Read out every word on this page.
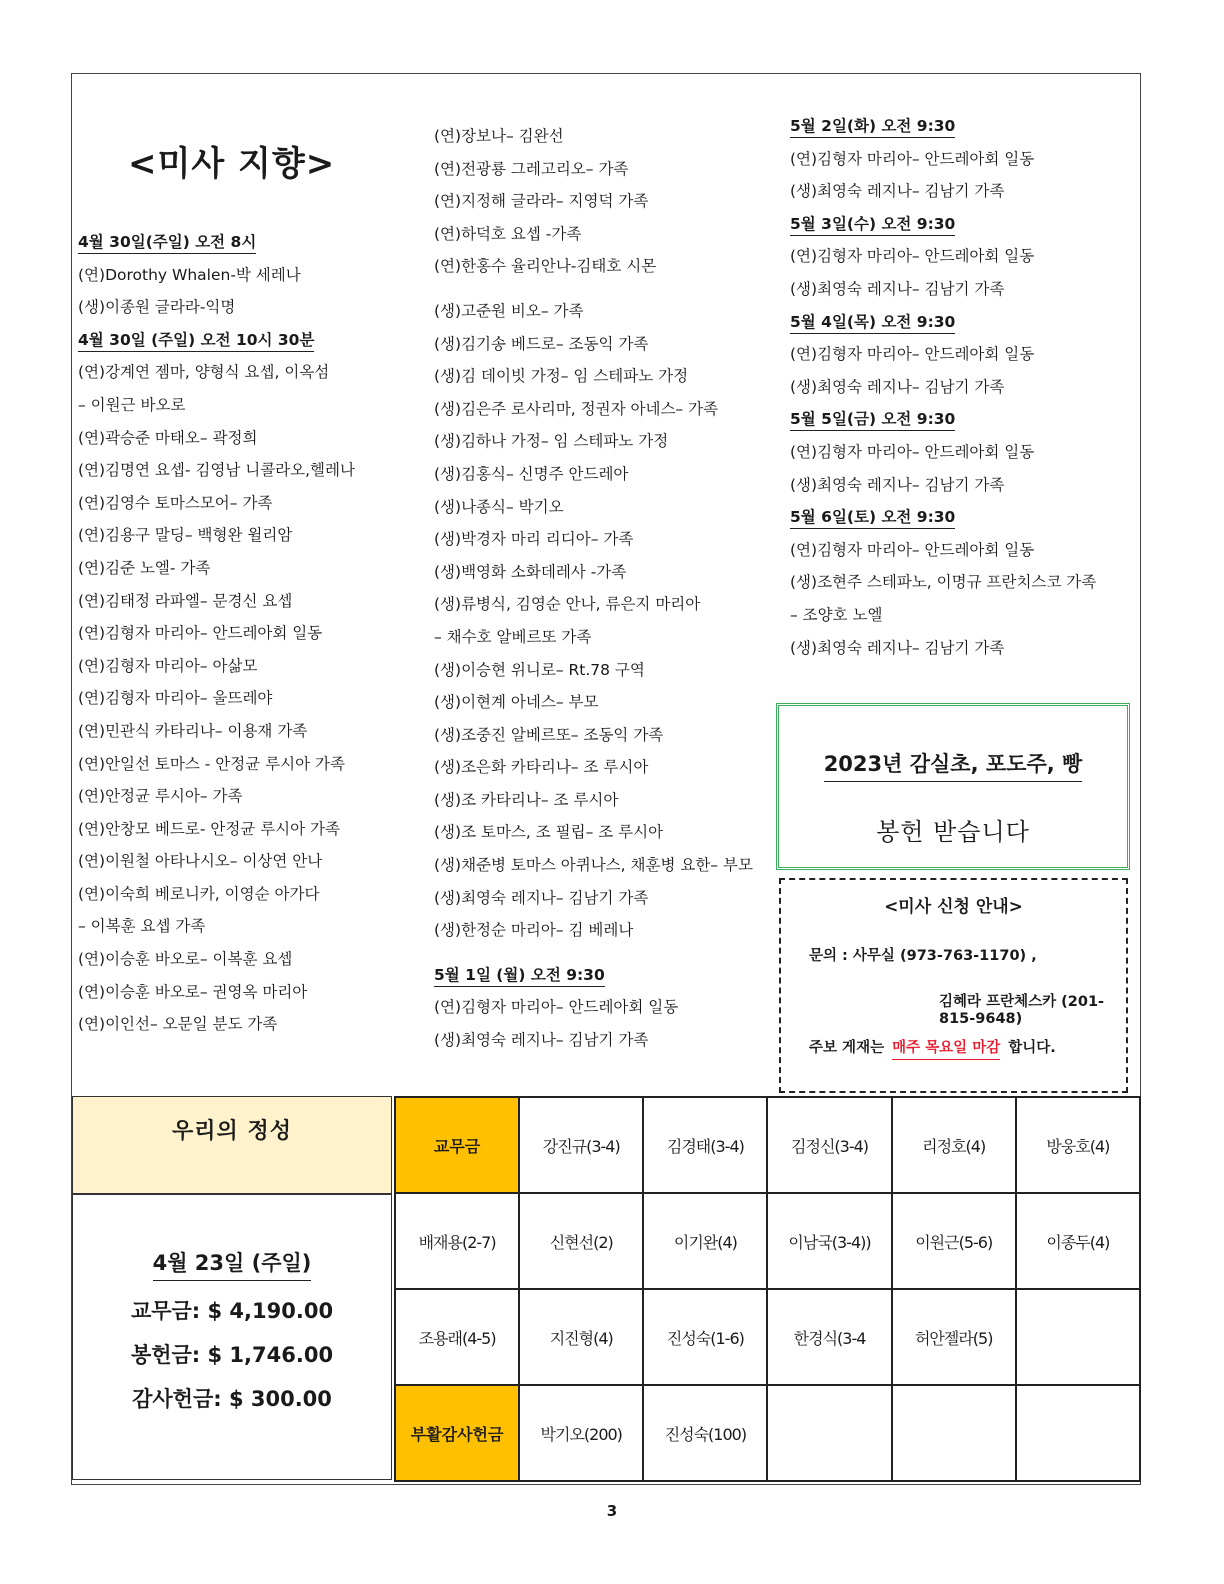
<미사 지향>
4월 30일(주일) 오전 8시
(연)Dorothy Whalen-박 세레나
(생)이종원 글라라-익명
4월 30일 (주일) 오전 10시 30분
(연)강계연 젬마, 양형식 요셉, 이옥섬
– 이원근 바오로
(연)곽승준 마태오– 곽정희
(연)김명연 요셉- 김영남 니콜라오,헬레나
(연)김영수 토마스모어– 가족
(연)김용구 말딩– 백형완 윌리암
(연)김준 노엘- 가족
(연)김태정 라파엘– 문경신 요셉
(연)김형자 마리아– 안드레아회 일동
(연)김형자 마리아– 아삶모
(연)김형자 마리아– 울뜨레야
(연)민관식 카타리나– 이용재 가족
(연)안일선 토마스 - 안정균 루시아 가족
(연)안정균 루시아– 가족
(연)안창모 베드로- 안정균 루시아 가족
(연)이원철 아타나시오– 이상연 안나
(연)이숙희 베로니카, 이영순 아가다
– 이복훈 요셉 가족
(연)이승훈 바오로– 이복훈 요셉
(연)이승훈 바오로– 권영옥 마리아
(연)이인선– 오문일 분도 가족
(연)장보나– 김완선
(연)전광룡 그레고리오– 가족
(연)지정해 글라라– 지영덕 가족
(연)하덕호 요셉 -가족
(연)한홍수 율리안나-김태호 시몬
(생)고준원 비오– 가족
(생)김기송 베드로– 조동익 가족
(생)김 데이빗 가정– 임 스테파노 가정
(생)김은주 로사리마, 정권자 아네스– 가족
(생)김하나 가정– 임 스테파노 가정
(생)김홍식– 신명주 안드레아
(생)나종식– 박기오
(생)박경자 마리 리디아– 가족
(생)백영화 소화데레사 -가족
(생)류병식, 김영순 안나, 류은지 마리아
– 채수호 알베르또 가족
(생)이승현 위니로– Rt.78 구역
(생)이현계 아네스– 부모
(생)조중진 알베르또– 조동익 가족
(생)조은화 카타리나– 조 루시아
(생)조 카타리나– 조 루시아
(생)조 토마스, 조 필립– 조 루시아
(생)채준병 토마스 아퀴나스, 채훈병 요한– 부모
(생)최영숙 레지나– 김남기 가족
(생)한정순 마리아– 김 베레나
5월 1일 (월) 오전 9:30
(연)김형자 마리아– 안드레아회 일동
(생)최영숙 레지나– 김남기 가족
5월 2일(화) 오전 9:30
(연)김형자 마리아– 안드레아회 일동
(생)최영숙 레지나– 김남기 가족
5월 3일(수) 오전 9:30
(연)김형자 마리아– 안드레아회 일동
(생)최영숙 레지나– 김남기 가족
5월 4일(목) 오전 9:30
(연)김형자 마리아– 안드레아회 일동
(생)최영숙 레지나– 김남기 가족
5월 5일(금) 오전 9:30
(연)김형자 마리아– 안드레아회 일동
(생)최영숙 레지나– 김남기 가족
5월 6일(토) 오전 9:30
(연)김형자 마리아– 안드레아회 일동
(생)조현주 스테파노, 이명규 프란치스코 가족
– 조양호 노엘
(생)최영숙 레지나– 김남기 가족
2023년 감실초, 포도주, 빵
봉헌 받습니다
<미사 신청 안내>
문의 : 사무실 (973-763-1170) ,
김혜라 프란체스카 (201-815-9648)
주보 게재는 매주 목요일 마감 합니다.
우리의 정성
4월 23일 (주일)
교무금: $ 4,190.00
봉헌금: $ 1,746.00
감사헌금: $ 300.00
교무금	강진규(3-4)	김경태(3-4)	김정신(3-4)	리정호(4)	방웅호(4)
배재용(2-7)	신현선(2)	이기완(4)	이남국(3-4))	이원근(5-6)	이종두(4)
조용래(4-5)	지진형(4)	진성숙(1-6)	한경식(3-4	허안젤라(5)	
부활감사헌금	박기오(200)	진성숙(100)			
3
